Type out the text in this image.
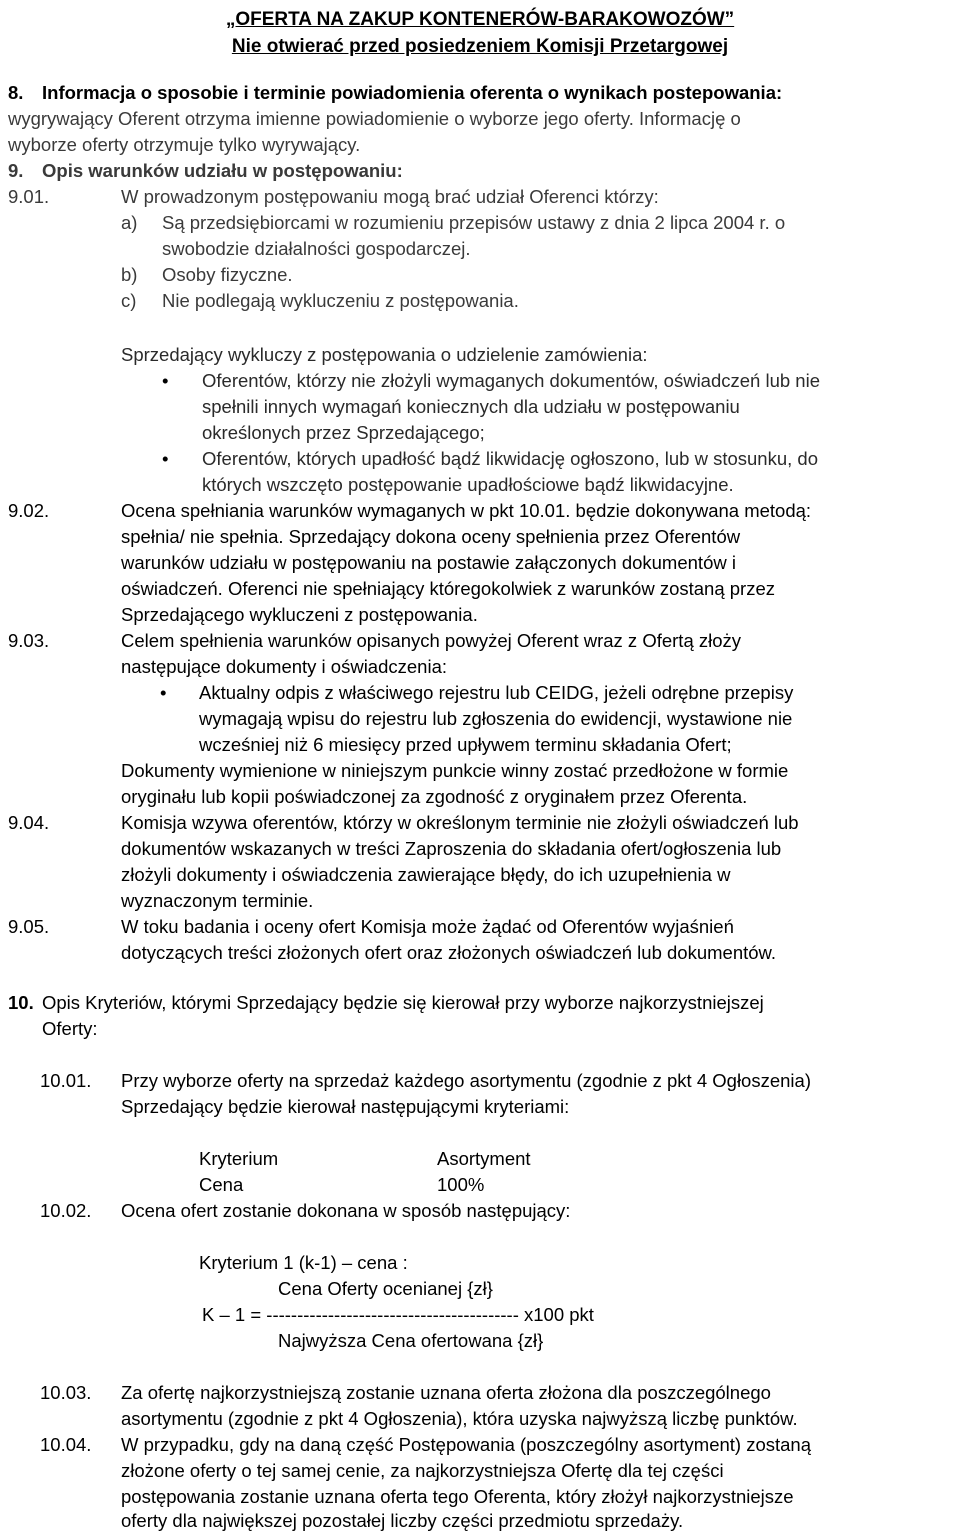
„OFERTA NA ZAKUP KONTENERÓW-BARAKOWOZÓW”
Nie otwierać przed posiedzeniem Komisji Przetargowej
8. Informacja o sposobie i terminie powiadomienia oferenta o wynikach postepowania:
wygrywający Oferent otrzyma imienne powiadomienie o wyborze jego oferty. Informację o
wyborze oferty otrzymuje tylko wyrywający.
9. Opis warunków udziału w postępowaniu:
9.01.	W prowadzonym postępowaniu mogą brać udział Oferenci którzy:
a) Są przedsiębiorcami w rozumieniu przepisów ustawy z dnia 2 lipca 2004 r. o
swobodzie działalności gospodarczej.
b) Osoby fizyczne.
c) Nie podlegają wykluczeniu z postępowania.
Sprzedający wykluczy z postępowania o udzielenie zamówienia:
• Oferentów, którzy nie złożyli wymaganych dokumentów, oświadczeń lub nie
spełnili innych wymagań koniecznych dla udziału w postępowaniu
określonych przez Sprzedającego;
• Oferentów, których upadłość bądź likwidację ogłoszono, lub w stosunku, do
których wszczęto postępowanie upadłościowe bądź likwidacyjne.
9.02.	Ocena spełniania warunków wymaganych w pkt 10.01. będzie dokonywana metodą:
spełnia/ nie spełnia. Sprzedający dokona oceny spełnienia przez Oferentów
warunków udziału w postępowaniu na postawie załączonych dokumentów i
oświadczeń. Oferenci nie spełniający któregokolwiek z warunków zostaną przez
Sprzedającego wykluczeni z postępowania.
9.03.	Celem spełnienia warunków opisanych powyżej Oferent wraz z Ofertą złoży
następujące dokumenty i oświadczenia:
• Aktualny odpis z właściwego rejestru lub CEIDG, jeżeli odrębne przepisy
wymagają wpisu do rejestru lub zgłoszenia do ewidencji, wystawione nie
wcześniej niż 6 miesięcy przed upływem terminu składania Ofert;
Dokumenty wymienione w niniejszym punkcie winny zostać przedłożone w formie
oryginału lub kopii poświadczonej za zgodność z oryginałem przez Oferenta.
9.04.	Komisja wzywa oferentów, którzy w określonym terminie nie złożyli oświadczeń lub
dokumentów wskazanych w treści Zaproszenia do składania ofert/ogłoszenia lub
złożyli dokumenty i oświadczenia zawierające błędy, do ich uzupełnienia w
wyznaczonym terminie.
9.05.	W toku badania i oceny ofert Komisja może żądać od Oferentów wyjaśnień
dotyczących treści złożonych ofert oraz złożonych oświadczeń lub dokumentów.
10. Opis Kryteriów, którymi Sprzedający będzie się kierował przy wyborze najkorzystniejszej
Oferty:
10.01. Przy wyborze oferty na sprzedaż każdego asortymentu (zgodnie z pkt 4 Ogłoszenia)
Sprzedający będzie kierował następującymi kryteriami:
Kryterium	Asortyment
Cena	100%
10.02. Ocena ofert zostanie dokonana w sposób następujący:
Kryterium 1 (k-1) – cena :
Cena Oferty ocenianej {zł}
K – 1 = ----------------------------------------- x100 pkt
Najwyższa Cena ofertowana {zł}
10.03. Za ofertę najkorzystniejszą zostanie uznana oferta złożona dla poszczególnego
asortymentu (zgodnie z pkt 4 Ogłoszenia), która uzyska najwyższą liczbę punktów.
10.04. W przypadku, gdy na daną część Postępowania (poszczególny asortyment) zostaną
złożone oferty o tej samej cenie, za najkorzystniejsza Ofertę dla tej części
postępowania zostanie uznana oferta tego Oferenta, który złożył najkorzystniejsze
oferty dla największej pozostałej liczby części przedmiotu sprzedaży.
